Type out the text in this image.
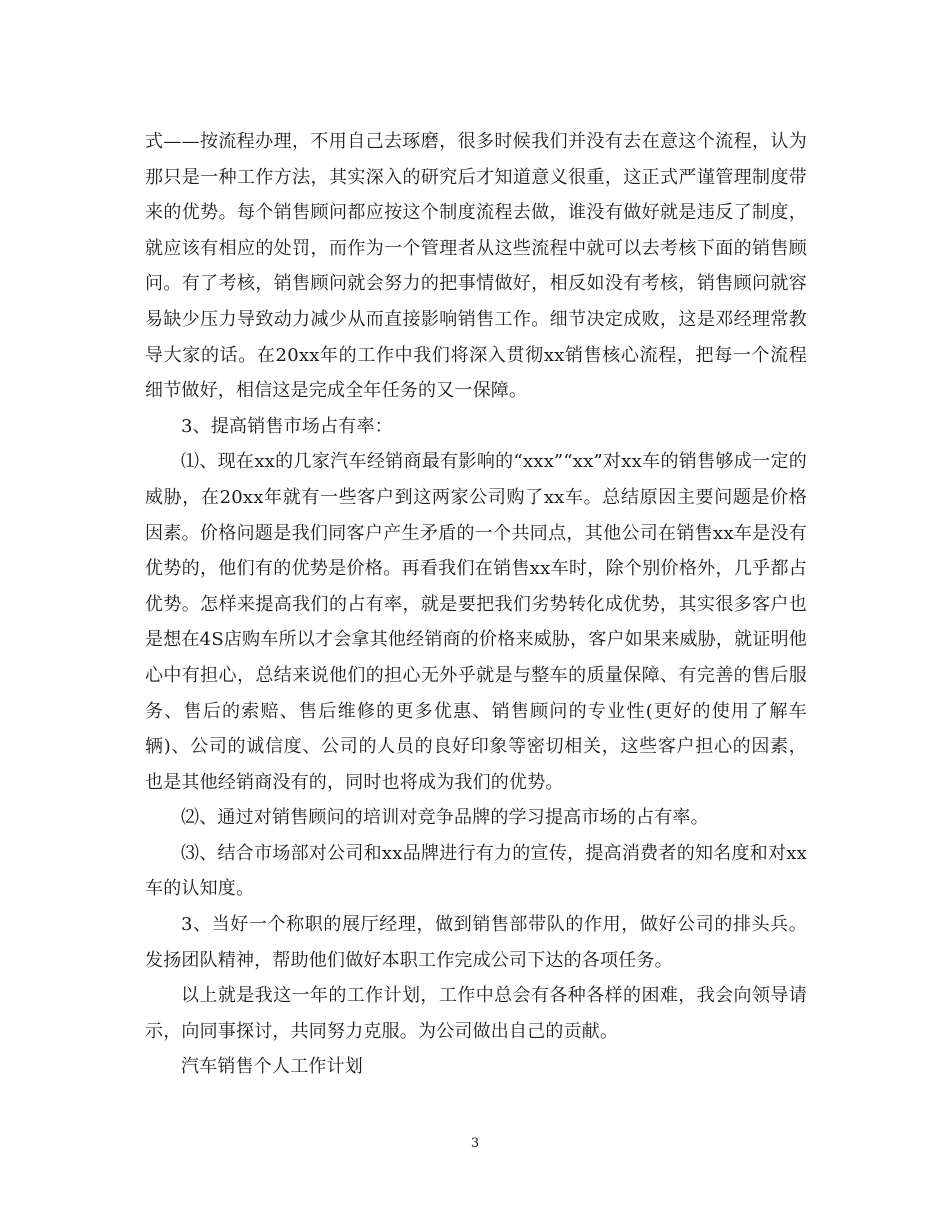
式——按流程办理，不用自己去琢磨，很多时候我们并没有去在意这个流程，认为那只是一种工作方法，其实深入的研究后才知道意义很重，这正式严谨管理制度带来的优势。每个销售顾问都应按这个制度流程去做，谁没有做好就是违反了制度，就应该有相应的处罚，而作为一个管理者从这些流程中就可以去考核下面的销售顾问。有了考核，销售顾问就会努力的把事情做好，相反如没有考核，销售顾问就容易缺少压力导致动力减少从而直接影响销售工作。细节决定成败，这是邓经理常教导大家的话。在20xx年的工作中我们将深入贯彻xx销售核心流程，把每一个流程细节做好，相信这是完成全年任务的又一保障。

3、提高销售市场占有率：

⑴、现在xx的几家汽车经销商最有影响的“xxx”“xx”对xx车的销售够成一定的威胁，在20xx年就有一些客户到这两家公司购了xx车。总结原因主要问题是价格因素。价格问题是我们同客户产生矛盾的一个共同点，其他公司在销售xx车是没有优势的，他们有的优势是价格。再看我们在销售xx车时，除个别价格外，几乎都占优势。怎样来提高我们的占有率，就是要把我们劣势转化成优势，其实很多客户也是想在4S店购车所以才会拿其他经销商的价格来威胁，客户如果来威胁，就证明他心中有担心，总结来说他们的担心无外乎就是与整车的质量保障、有完善的售后服务、售后的索赔、售后维修的更多优惠、销售顾问的专业性(更好的使用了解车辆)、公司的诚信度、公司的人员的良好印象等密切相关，这些客户担心的因素，也是其他经销商没有的，同时也将成为我们的优势。

⑵、通过对销售顾问的培训对竞争品牌的学习提高市场的占有率。

⑶、结合市场部对公司和xx品牌进行有力的宣传，提高消费者的知名度和对xx车的认知度。

3、当好一个称职的展厅经理，做到销售部带队的作用，做好公司的排头兵。发扬团队精神，帮助他们做好本职工作完成公司下达的各项任务。

以上就是我这一年的工作计划，工作中总会有各种各样的困难，我会向领导请示，向同事探讨，共同努力克服。为公司做出自己的贡献。

汽车销售个人工作计划

3
